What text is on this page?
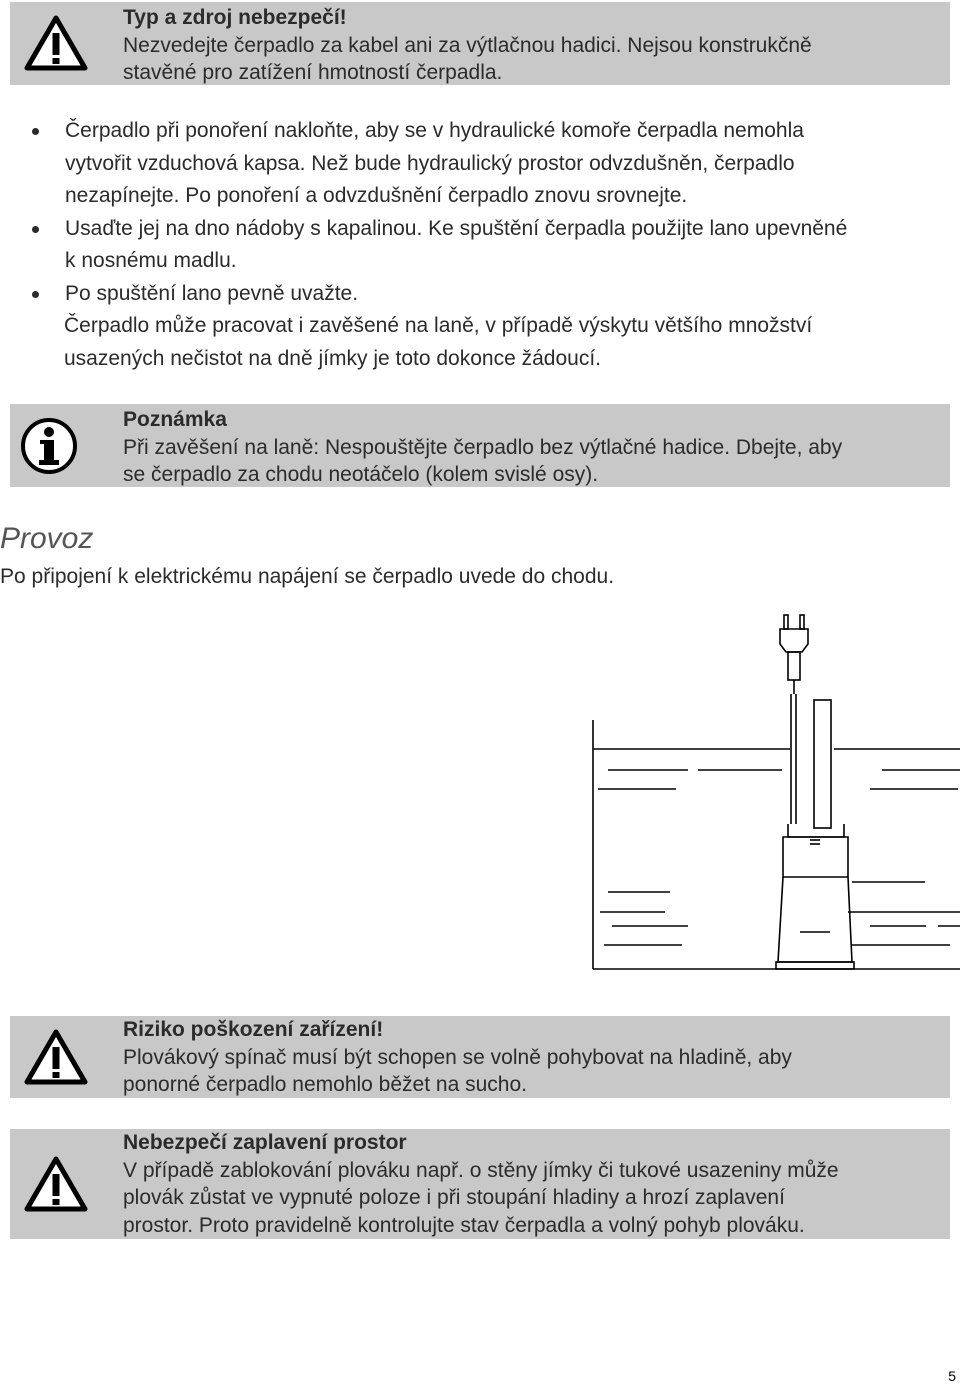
Typ a zdroj nebezpečí!
Nezvedejte čerpadlo za kabel ani za výtlačnou hadici. Nejsou konstrukčně
stavěné pro zatížení hmotností čerpadla.
Čerpadlo při ponoření nakloňte, aby se v hydraulické komoře čerpadla nemohla
vytvořit vzduchová kapsa. Než bude hydraulický prostor odvzdušněn, čerpadlo
nezapínejte. Po ponoření a odvzdušnění čerpadlo znovu srovnejte.
Usaďte jej na dno nádoby s kapalinou. Ke spuštění čerpadla použijte lano upevněné
k nosnému madlu.
Po spuštění lano pevně uvažte.
Čerpadlo může pracovat i zavěšené na laně, v případě výskytu většího množství
usazených nečistot na dně jímky je toto dokonce žádoucí.
Poznámka
Při zavěšení na laně: Nespouštějte čerpadlo bez výtlačné hadice. Dbejte, aby
se čerpadlo za chodu neotáčelo (kolem svislé osy).
Provoz
Po připojení k elektrickému napájení se čerpadlo uvede do chodu.
Riziko poškození zařízení!
Plovákový spínač musí být schopen se volně pohybovat na hladině, aby
ponorné čerpadlo nemohlo běžet na sucho.
Nebezpečí zaplavení prostor
V případě zablokování plováku např. o stěny jímky či tukové usazeniny může
plovák zůstat ve vypnuté poloze i při stoupání hladiny a hrozí zaplavení
prostor. Proto pravidelně kontrolujte stav čerpadla a volný pohyb plováku.
5
